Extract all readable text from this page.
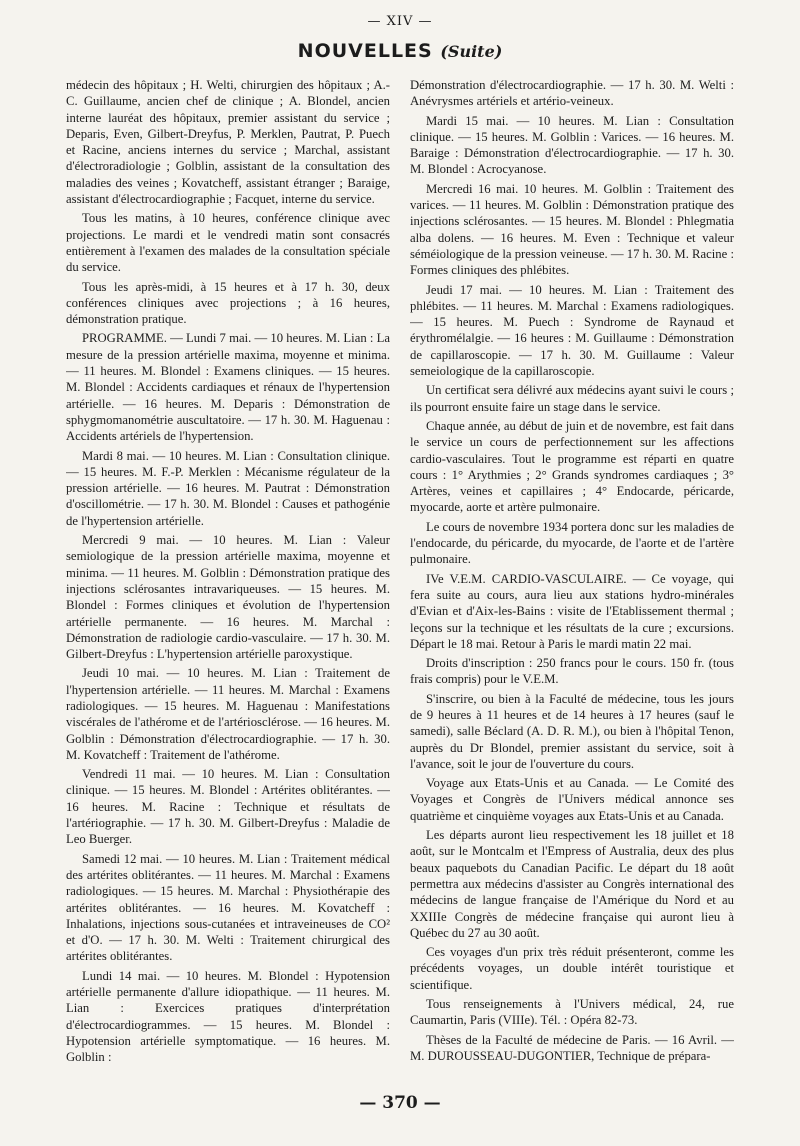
— XIV —
NOUVELLES (Suite)

médecin des hôpitaux ; H. Welti, chirurgien des hôpitaux ; A.-C. Guillaume, ancien chef de clinique ; A. Blondel, ancien interne lauréat des hôpitaux, premier assistant du service ; Deparis, Even, Gilbert-Dreyfus, P. Merklen, Pautrat, P. Puech et Racine, anciens internes du service ; Marchal, assistant d'électroradiologie ; Golblin, assistant de la consultation des maladies des veines ; Kovatcheff, assistant étranger ; Baraige, assistant d'électrocardiographie ; Facquet, interne du service.

Tous les matins, à 10 heures, conférence clinique avec projections. Le mardi et le vendredi matin sont consacrés entièrement à l'examen des malades de la consultation spéciale du service.

Tous les après-midi, à 15 heures et à 17 h. 30, deux conférences cliniques avec projections ; à 16 heures, démonstration pratique.

PROGRAMME. — Lundi 7 mai. — 10 heures. M. Lian : La mesure de la pression artérielle maxima, moyenne et minima. — 11 heures. M. Blondel : Examens cliniques. — 15 heures. M. Blondel : Accidents cardiaques et rénaux de l'hypertension artérielle. — 16 heures. M. Deparis : Démonstration de sphygmomanométrie auscultatoire. — 17 h. 30. M. Haguenau : Accidents artériels de l'hypertension.

Mardi 8 mai. — 10 heures. M. Lian : Consultation clinique. — 15 heures. M. F.-P. Merklen : Mécanisme régulateur de la pression artérielle. — 16 heures. M. Pautrat : Démonstration d'oscillométrie. — 17 h. 30. M. Blondel : Causes et pathogénie de l'hypertension artérielle.

Mercredi 9 mai. — 10 heures. M. Lian : Valeur semiologique de la pression artérielle maxima, moyenne et minima. — 11 heures. M. Golblin : Démonstration pratique des injections sclérosantes intravariqueuses. — 15 heures. M. Blondel : Formes cliniques et évolution de l'hypertension artérielle permanente. — 16 heures. M. Marchal : Démonstration de radiologie cardio-vasculaire. — 17 h. 30. M. Gilbert-Dreyfus : L'hypertension artérielle paroxystique.

Jeudi 10 mai. — 10 heures. M. Lian : Traitement de l'hypertension artérielle. — 11 heures. M. Marchal : Examens radiologiques. — 15 heures. M. Haguenau : Manifestations viscérales de l'athérome et de l'artériosclérose. — 16 heures. M. Golblin : Démonstration d'électrocardiographie. — 17 h. 30. M. Kovatcheff : Traitement de l'athérome.

Vendredi 11 mai. — 10 heures. M. Lian : Consultation clinique. — 15 heures. M. Blondel : Artérites oblitérantes. — 16 heures. M. Racine : Technique et résultats de l'artériographie. — 17 h. 30. M. Gilbert-Dreyfus : Maladie de Leo Buerger.

Samedi 12 mai. — 10 heures. M. Lian : Traitement médical des artérites oblitérantes. — 11 heures. M. Marchal : Examens radiologiques. — 15 heures. M. Marchal : Physiothérapie des artérites oblitérantes. — 16 heures. M. Kovatcheff : Inhalations, injections sous-cutanées et intraveineuses de CO² et d'O. — 17 h. 30. M. Welti : Traitement chirurgical des artérites oblitérantes.

Lundi 14 mai. — 10 heures. M. Blondel : Hypotension artérielle permanente d'allure idiopathique. — 11 heures. M. Lian : Exercices pratiques d'interprétation d'électrocardiogrammes. — 15 heures. M. Blondel : Hypotension artérielle symptomatique. — 16 heures. M. Golblin :

Démonstration d'électrocardiographie. — 17 h. 30. M. Welti : Anévrysmes artériels et artério-veineux.

Mardi 15 mai. — 10 heures. M. Lian : Consultation clinique. — 15 heures. M. Golblin : Varices. — 16 heures. M. Baraige : Démonstration d'électrocardiographie. — 17 h. 30. M. Blondel : Acrocyanose.

Mercredi 16 mai. 10 heures. M. Golblin : Traitement des varices. — 11 heures. M. Golblin : Démonstration pratique des injections sclérosantes. — 15 heures. M. Blondel : Phlegmatia alba dolens. — 16 heures. M. Even : Technique et valeur séméiologique de la pression veineuse. — 17 h. 30. M. Racine : Formes cliniques des phlébites.

Jeudi 17 mai. — 10 heures. M. Lian : Traitement des phlébites. — 11 heures. M. Marchal : Examens radiologiques. — 15 heures. M. Puech : Syndrome de Raynaud et érythromélalgie. — 16 heures : M. Guillaume : Démonstration de capillaroscopie. — 17 h. 30. M. Guillaume : Valeur semeiologique de la capillaroscopie.

Un certificat sera délivré aux médecins ayant suivi le cours ; ils pourront ensuite faire un stage dans le service.

Chaque année, au début de juin et de novembre, est fait dans le service un cours de perfectionnement sur les affections cardio-vasculaires. Tout le programme est réparti en quatre cours : 1° Arythmies ; 2° Grands syndromes cardiaques ; 3° Artères, veines et capillaires ; 4° Endocarde, péricarde, myocarde, aorte et artère pulmonaire.

Le cours de novembre 1934 portera donc sur les maladies de l'endocarde, du péricarde, du myocarde, de l'aorte et de l'artère pulmonaire.

IVe V.E.M. CARDIO-VASCULAIRE. — Ce voyage, qui fera suite au cours, aura lieu aux stations hydro-minérales d'Evian et d'Aix-les-Bains : visite de l'Etablissement thermal ; leçons sur la technique et les résultats de la cure ; excursions. Départ le 18 mai. Retour à Paris le mardi matin 22 mai.

Droits d'inscription : 250 francs pour le cours. 150 fr. (tous frais compris) pour le V.E.M.

S'inscrire, ou bien à la Faculté de médecine, tous les jours de 9 heures à 11 heures et de 14 heures à 17 heures (sauf le samedi), salle Béclard (A. D. R. M.), ou bien à l'hôpital Tenon, auprès du Dr Blondel, premier assistant du service, soit à l'avance, soit le jour de l'ouverture du cours.

Voyage aux Etats-Unis et au Canada. — Le Comité des Voyages et Congrès de l'Univers médical annonce ses quatrième et cinquième voyages aux Etats-Unis et au Canada.

Les départs auront lieu respectivement les 18 juillet et 18 août, sur le Montcalm et l'Empress of Australia, deux des plus beaux paquebots du Canadian Pacific. Le départ du 18 août permettra aux médecins d'assister au Congrès international des médecins de langue française de l'Amérique du Nord et au XXIIIe Congrès de médecine française qui auront lieu à Québec du 27 au 30 août.

Ces voyages d'un prix très réduit présenteront, comme les précédents voyages, un double intérêt touristique et scientifique.

Tous renseignements à l'Univers médical, 24, rue Caumartin, Paris (VIIIe). Tél. : Opéra 82-73.

Thèses de la Faculté de médecine de Paris. — 16 Avril. — M. DUROUSSEAU-DUGONTIER, Technique de prépara-

— 370 —
